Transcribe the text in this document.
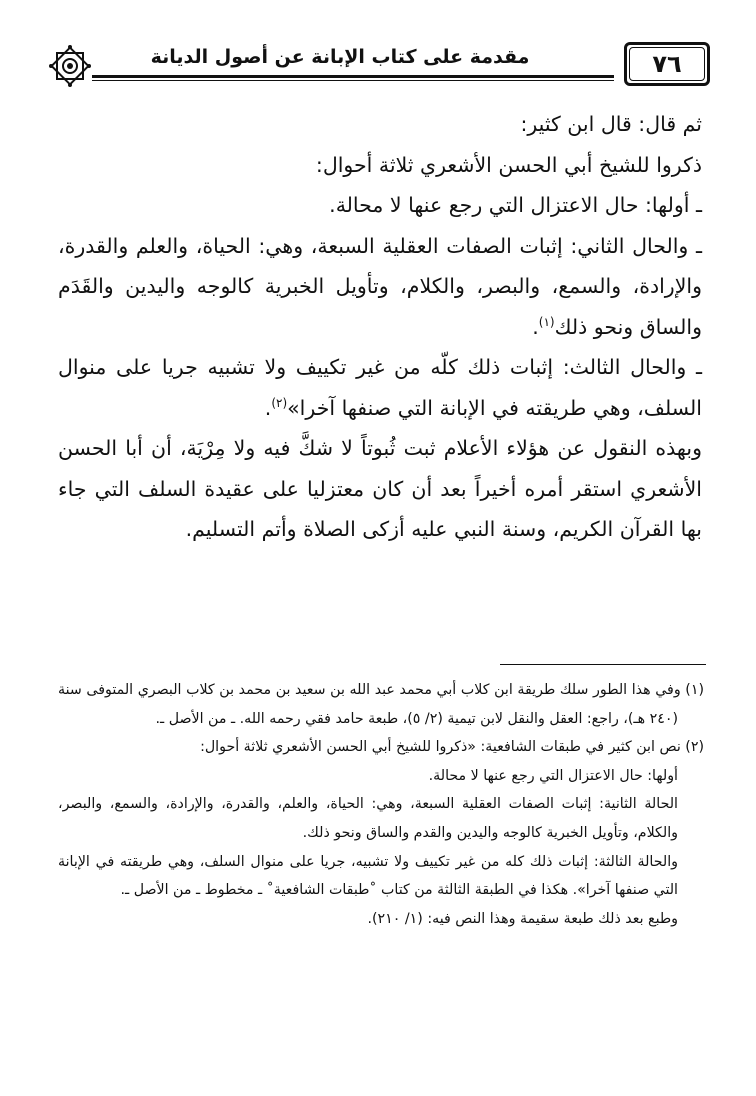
مقدمة على كتاب الإبانة عن أصول الديانة	٧٦

ثم قال: قال ابن كثير:

ذكروا للشيخ أبي الحسن الأشعري ثلاثة أحوال:

ـ أولها: حال الاعتزال التي رجع عنها لا محالة.

ـ والحال الثاني: إثبات الصفات العقلية السبعة، وهي: الحياة، والعلم والقدرة، والإرادة، والسمع، والبصر، والكلام، وتأويل الخبرية كالوجه واليدين والقَدَم والساق ونحو ذلك$^{(١)}$.

ـ والحال الثالث: إثبات ذلك كلّه من غير تكييف ولا تشبيه جريا على منوال السلف، وهي طريقته في الإبانة التي صنفها آخرا»$^{(٢)}$.

وبهذه النقول عن هؤلاء الأعلام ثبت ثُبوتاً لا شكَّ فيه ولا مِرْيَة، أن أبا الحسن الأشعري استقر أمره أخيراً بعد أن كان معتزليا على عقيدة السلف التي جاء بها القرآن الكريم، وسنة النبي عليه أزكى الصلاة وأتم التسليم.

(١) وفي هذا الطور سلك طريقة ابن كلاب أبي محمد عبد الله بن سعيد بن محمد بن كلاب البصري المتوفى سنة (٢٤٠ هـ)، راجع: العقل والنقل لابن تيمية (٢/ ٥)، طبعة حامد فقي رحمه الله. ـ من الأصل ـ.

(٢) نص ابن كثير في طبقات الشافعية: «ذكروا للشيخ أبي الحسن الأشعري ثلاثة أحوال:

أولها: حال الاعتزال التي رجع عنها لا محالة.

الحالة الثانية: إثبات الصفات العقلية السبعة، وهي: الحياة، والعلم، والقدرة، والإرادة، والسمع، والبصر، والكلام، وتأويل الخبرية كالوجه واليدين والقدم والساق ونحو ذلك.

والحالة الثالثة: إثبات ذلك كله من غير تكييف ولا تشبيه، جريا على منوال السلف، وهي طريقته في الإبانة التي صنفها آخرا». هكذا في الطبقة الثالثة من كتاب ˚طبقات الشافعية˚ ـ مخطوط ـ من الأصل ـ.

وطبع بعد ذلك طبعة سقيمة وهذا النص فيه: (١/ ٢١٠).
